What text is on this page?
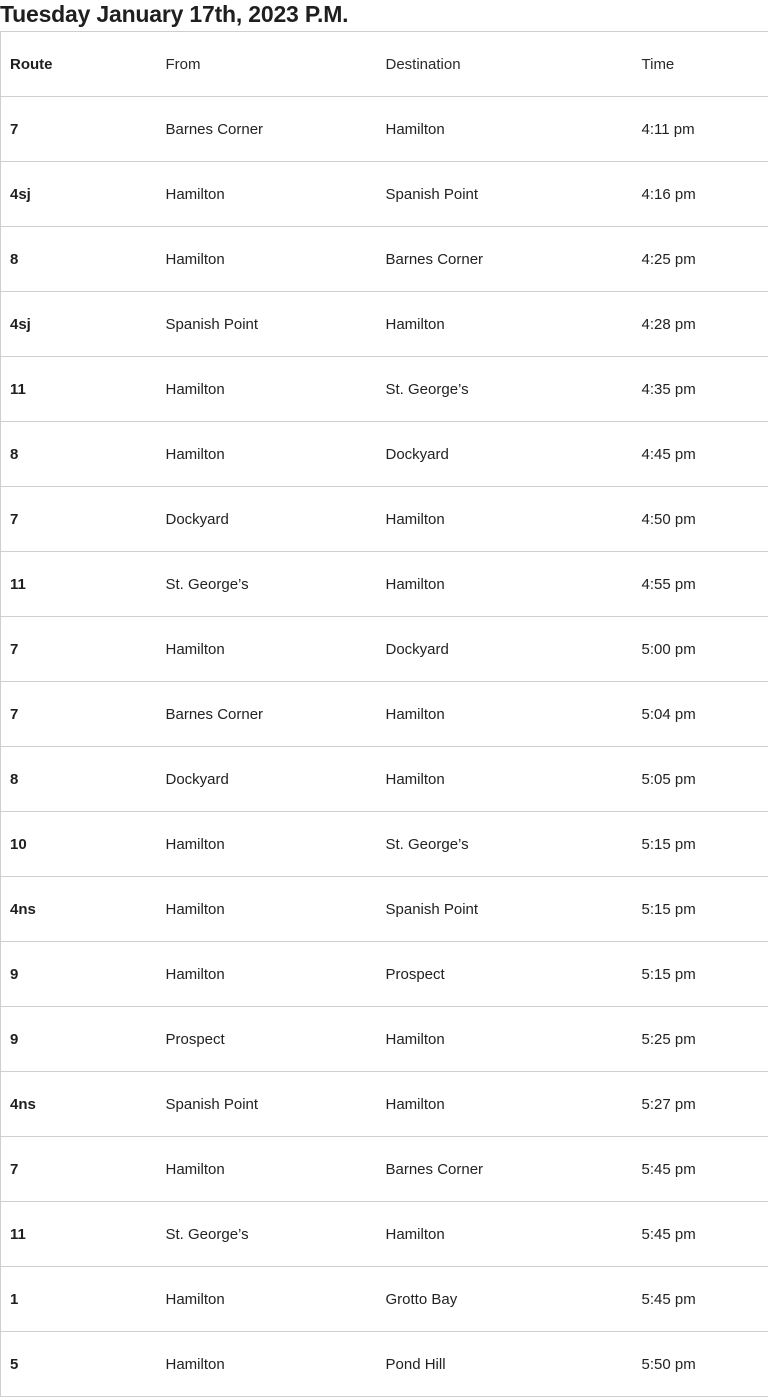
Tuesday January 17th, 2023 P.M.
Route	From	Destination	Time
7	Barnes Corner	Hamilton	4:11 pm
4sj	Hamilton	Spanish Point	4:16 pm
8	Hamilton	Barnes Corner	4:25 pm
4sj	Spanish Point	Hamilton	4:28 pm
11	Hamilton	St. George’s	4:35 pm
8	Hamilton	Dockyard	4:45 pm
7	Dockyard	Hamilton	4:50 pm
11	St. George’s	Hamilton	4:55 pm
7	Hamilton	Dockyard	5:00 pm
7	Barnes Corner	Hamilton	5:04 pm
8	Dockyard	Hamilton	5:05 pm
10	Hamilton	St. George’s	5:15 pm
4ns	Hamilton	Spanish Point	5:15 pm
9	Hamilton	Prospect	5:15 pm
9	Prospect	Hamilton	5:25 pm
4ns	Spanish Point	Hamilton	5:27 pm
7	Hamilton	Barnes Corner	5:45 pm
11	St. George’s	Hamilton	5:45 pm
1	Hamilton	Grotto Bay	5:45 pm
5	Hamilton	Pond Hill	5:50 pm
